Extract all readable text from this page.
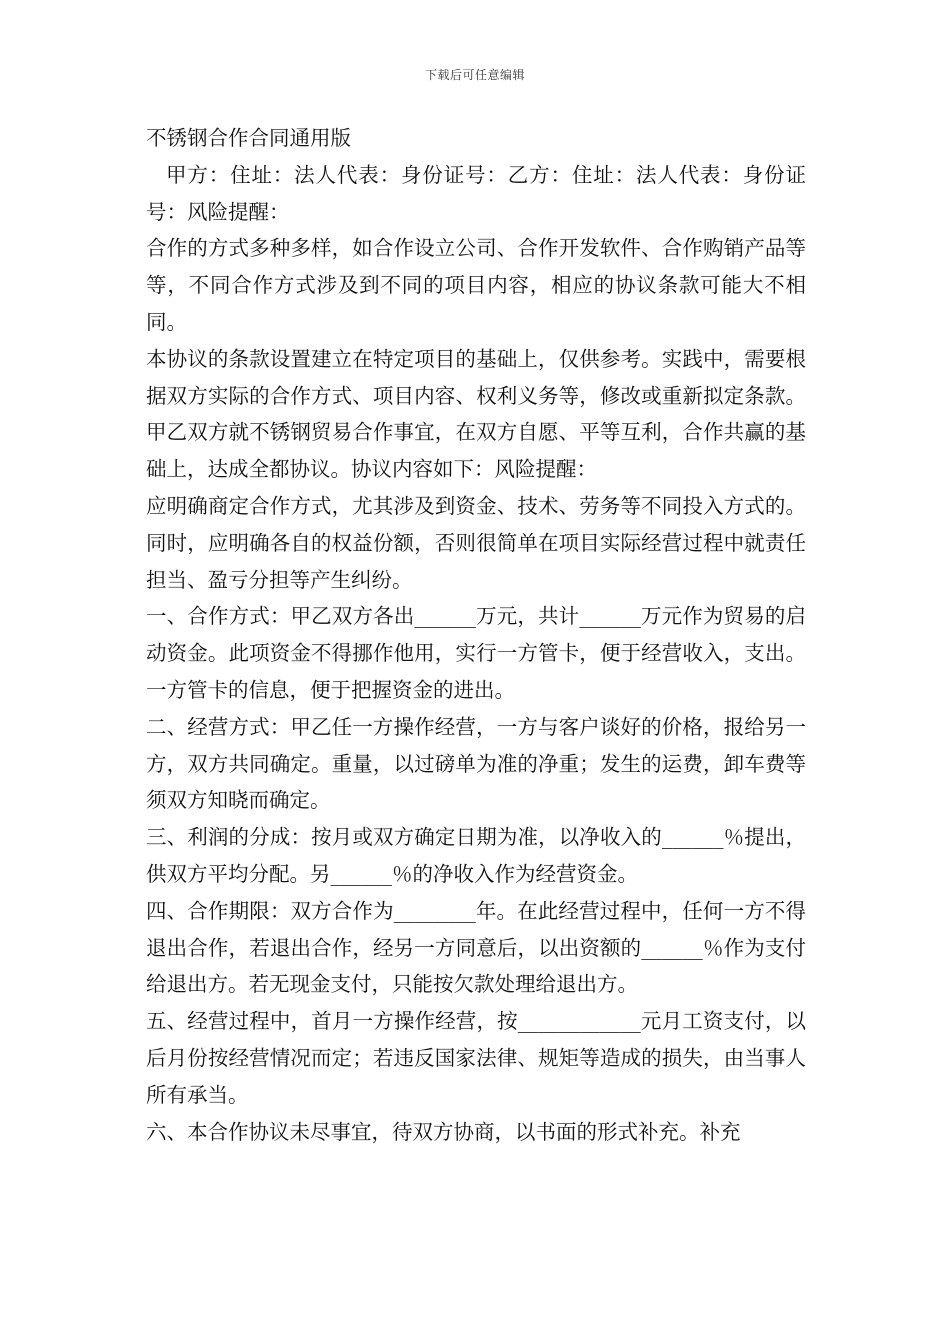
下载后可任意编辑

不锈钢合作合同通用版

甲方：住址：法人代表：身份证号：乙方：住址：法人代表：身份证号：风险提醒：

合作的方式多种多样，如合作设立公司、合作开发软件、合作购销产品等等，不同合作方式涉及到不同的项目内容，相应的协议条款可能大不相同。

本协议的条款设置建立在特定项目的基础上，仅供参考。实践中，需要根据双方实际的合作方式、项目内容、权利义务等，修改或重新拟定条款。 甲乙双方就不锈钢贸易合作事宜，在双方自愿、平等互利，合作共赢的基础上，达成全都协议。协议内容如下：风险提醒：

应明确商定合作方式，尤其涉及到资金、技术、劳务等不同投入方式的。同时，应明确各自的权益份额，否则很简单在项目实际经营过程中就责任担当、盈亏分担等产生纠纷。

一、合作方式：甲乙双方各出______万元，共计______万元作为贸易的启动资金。此项资金不得挪作他用，实行一方管卡，便于经营收入，支出。一方管卡的信息，便于把握资金的进出。

二、经营方式：甲乙任一方操作经营，一方与客户谈好的价格，报给另一方，双方共同确定。重量，以过磅单为准的净重；发生的运费，卸车费等须双方知晓而确定。

三、利润的分成：按月或双方确定日期为准，以净收入的______％提出，供双方平均分配。另______％的净收入作为经营资金。

四、合作期限：双方合作为________年。在此经营过程中，任何一方不得退出合作，若退出合作，经另一方同意后，以出资额的______％作为支付给退出方。若无现金支付，只能按欠款处理给退出方。

五、经营过程中，首月一方操作经营，按____________元月工资支付，以后月份按经营情况而定；若违反国家法律、规矩等造成的损失，由当事人所有承当。

六、本合作协议未尽事宜，待双方协商，以书面的形式补充。补充
